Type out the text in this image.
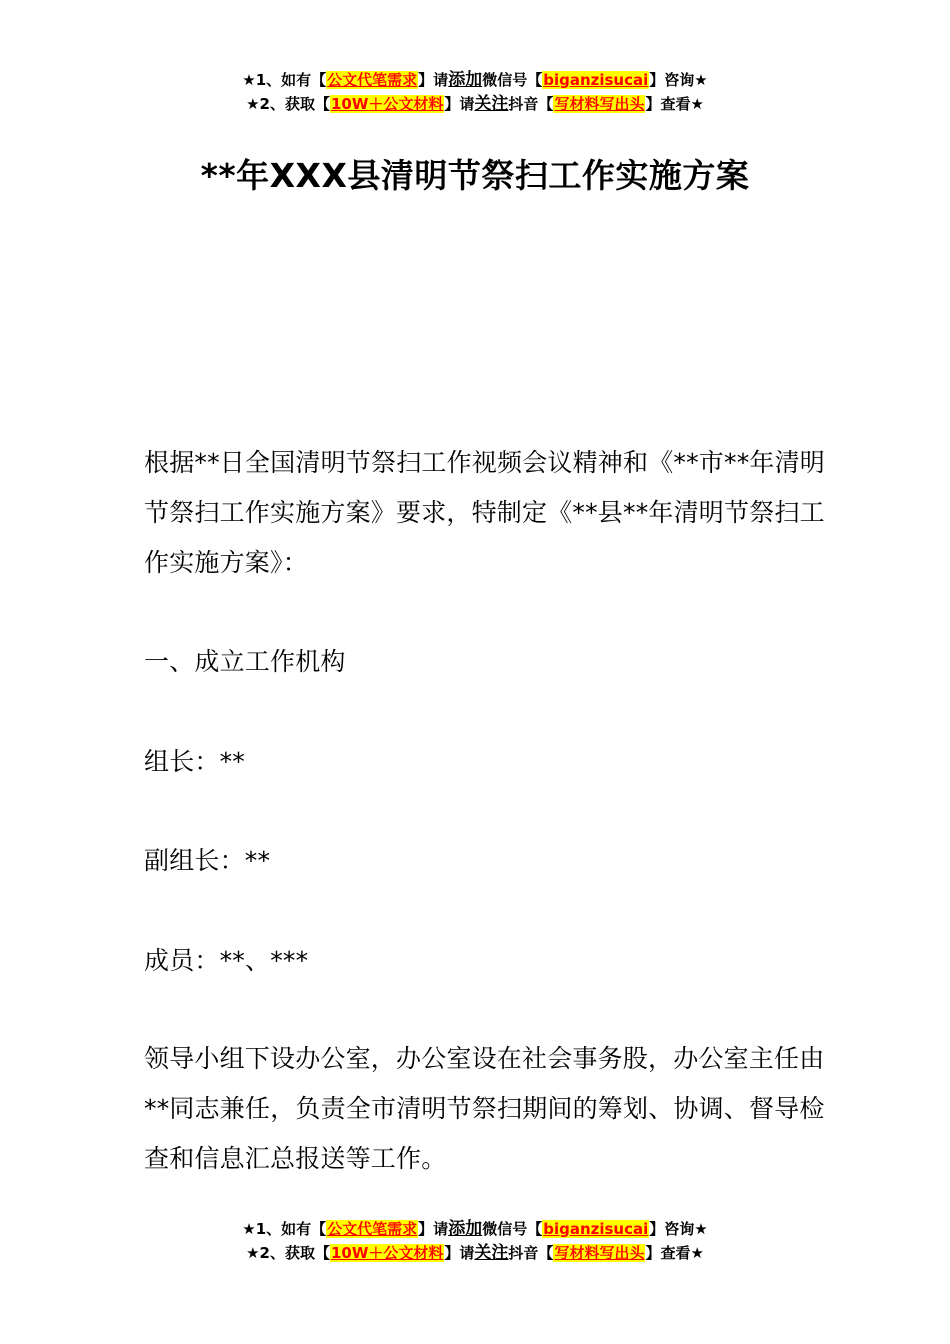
★1、如有【公文代笔需求】请添加微信号【biganzisucai】咨询★
★2、获取【10W＋公文材料】请关注抖音【写材料写出头】查看★
**年XXX县清明节祭扫工作实施方案
根据**日全国清明节祭扫工作视频会议精神和《**市**年清明节祭扫工作实施方案》要求，特制定《**县**年清明节祭扫工作实施方案》：
一、成立工作机构
组长：**
副组长：**
成员：**、***
领导小组下设办公室，办公室设在社会事务股，办公室主任由**同志兼任，负责全市清明节祭扫期间的筹划、协调、督导检查和信息汇总报送等工作。
★1、如有【公文代笔需求】请添加微信号【biganzisucai】咨询★
★2、获取【10W＋公文材料】请关注抖音【写材料写出头】查看★
